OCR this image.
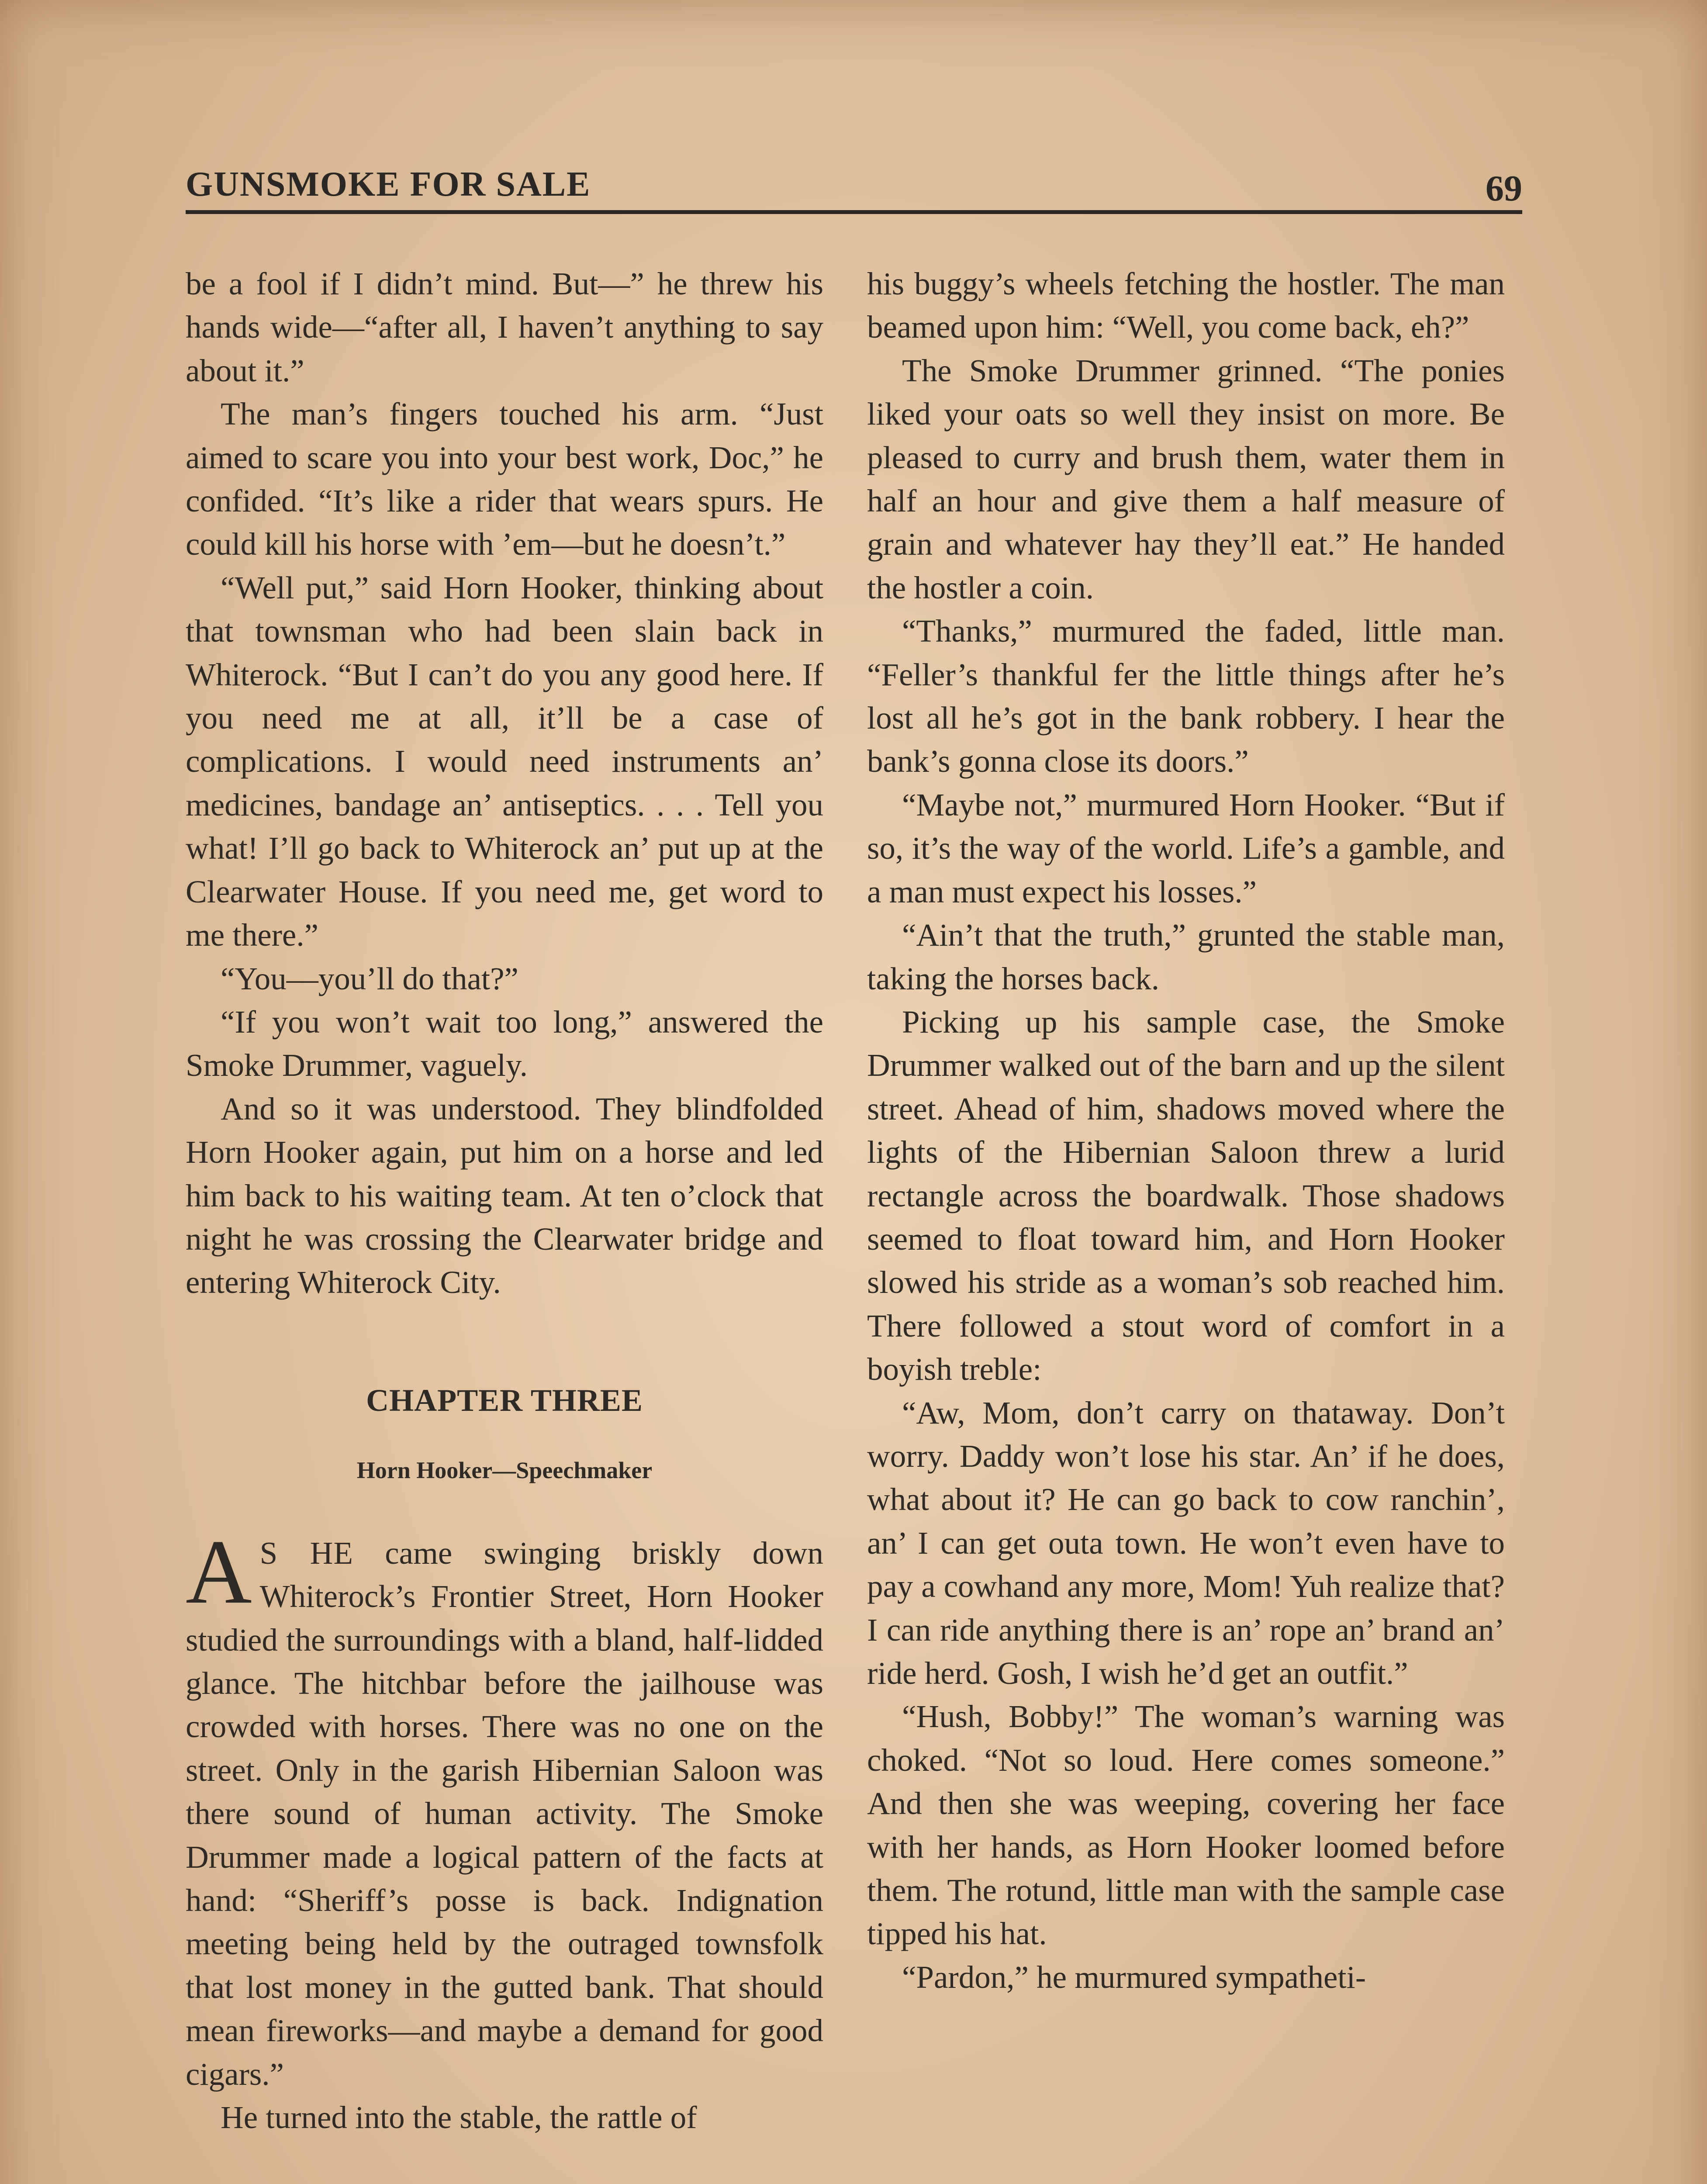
GUNSMOKE FOR SALE	69

be a fool if I didn’t mind. But—” he threw his hands wide—“after all, I haven’t anything to say about it.”

The man’s fingers touched his arm. “Just aimed to scare you into your best work, Doc,” he confided. “It’s like a rider that wears spurs. He could kill his horse with ’em—but he doesn’t.”

“Well put,” said Horn Hooker, thinking about that townsman who had been slain back in Whiterock. “But I can’t do you any good here. If you need me at all, it’ll be a case of complications. I would need instruments an’ medicines, bandage an’ antiseptics. . . . Tell you what! I’ll go back to Whiterock an’ put up at the Clearwater House. If you need me, get word to me there.”

“You—you’ll do that?”

“If you won’t wait too long,” answered the Smoke Drummer, vaguely.

And so it was understood. They blindfolded Horn Hooker again, put him on a horse and led him back to his waiting team. At ten o’clock that night he was crossing the Clearwater bridge and entering Whiterock City.

CHAPTER THREE
Horn Hooker—Speechmaker

A S HE came swinging briskly down Whiterock’s Frontier Street, Horn Hooker studied the surroundings with a bland, half-lidded glance. The hitchbar before the jailhouse was crowded with horses. There was no one on the street. Only in the garish Hibernian Saloon was there sound of human activity. The Smoke Drummer made a logical pattern of the facts at hand: “Sheriff’s posse is back. Indignation meeting being held by the outraged townsfolk that lost money in the gutted bank. That should mean fireworks—and maybe a demand for good cigars.”

He turned into the stable, the rattle of

his buggy’s wheels fetching the hostler. The man beamed upon him: “Well, you come back, eh?”

The Smoke Drummer grinned. “The ponies liked your oats so well they insist on more. Be pleased to curry and brush them, water them in half an hour and give them a half measure of grain and whatever hay they’ll eat.” He handed the hostler a coin.

“Thanks,” murmured the faded, little man. “Feller’s thankful fer the little things after he’s lost all he’s got in the bank robbery. I hear the bank’s gonna close its doors.”

“Maybe not,” murmured Horn Hooker. “But if so, it’s the way of the world. Life’s a gamble, and a man must expect his losses.”

“Ain’t that the truth,” grunted the stable man, taking the horses back.

Picking up his sample case, the Smoke Drummer walked out of the barn and up the silent street. Ahead of him, shadows moved where the lights of the Hibernian Saloon threw a lurid rectangle across the boardwalk. Those shadows seemed to float toward him, and Horn Hooker slowed his stride as a woman’s sob reached him. There followed a stout word of comfort in a boyish treble:

“Aw, Mom, don’t carry on thataway. Don’t worry. Daddy won’t lose his star. An’ if he does, what about it? He can go back to cow ranchin’, an’ I can get outa town. He won’t even have to pay a cowhand any more, Mom! Yuh realize that? I can ride anything there is an’ rope an’ brand an’ ride herd. Gosh, I wish he’d get an outfit.”

“Hush, Bobby!” The woman’s warning was choked. “Not so loud. Here comes someone.” And then she was weeping, covering her face with her hands, as Horn Hooker loomed before them. The rotund, little man with the sample case tipped his hat.

“Pardon,” he murmured sympatheti-
